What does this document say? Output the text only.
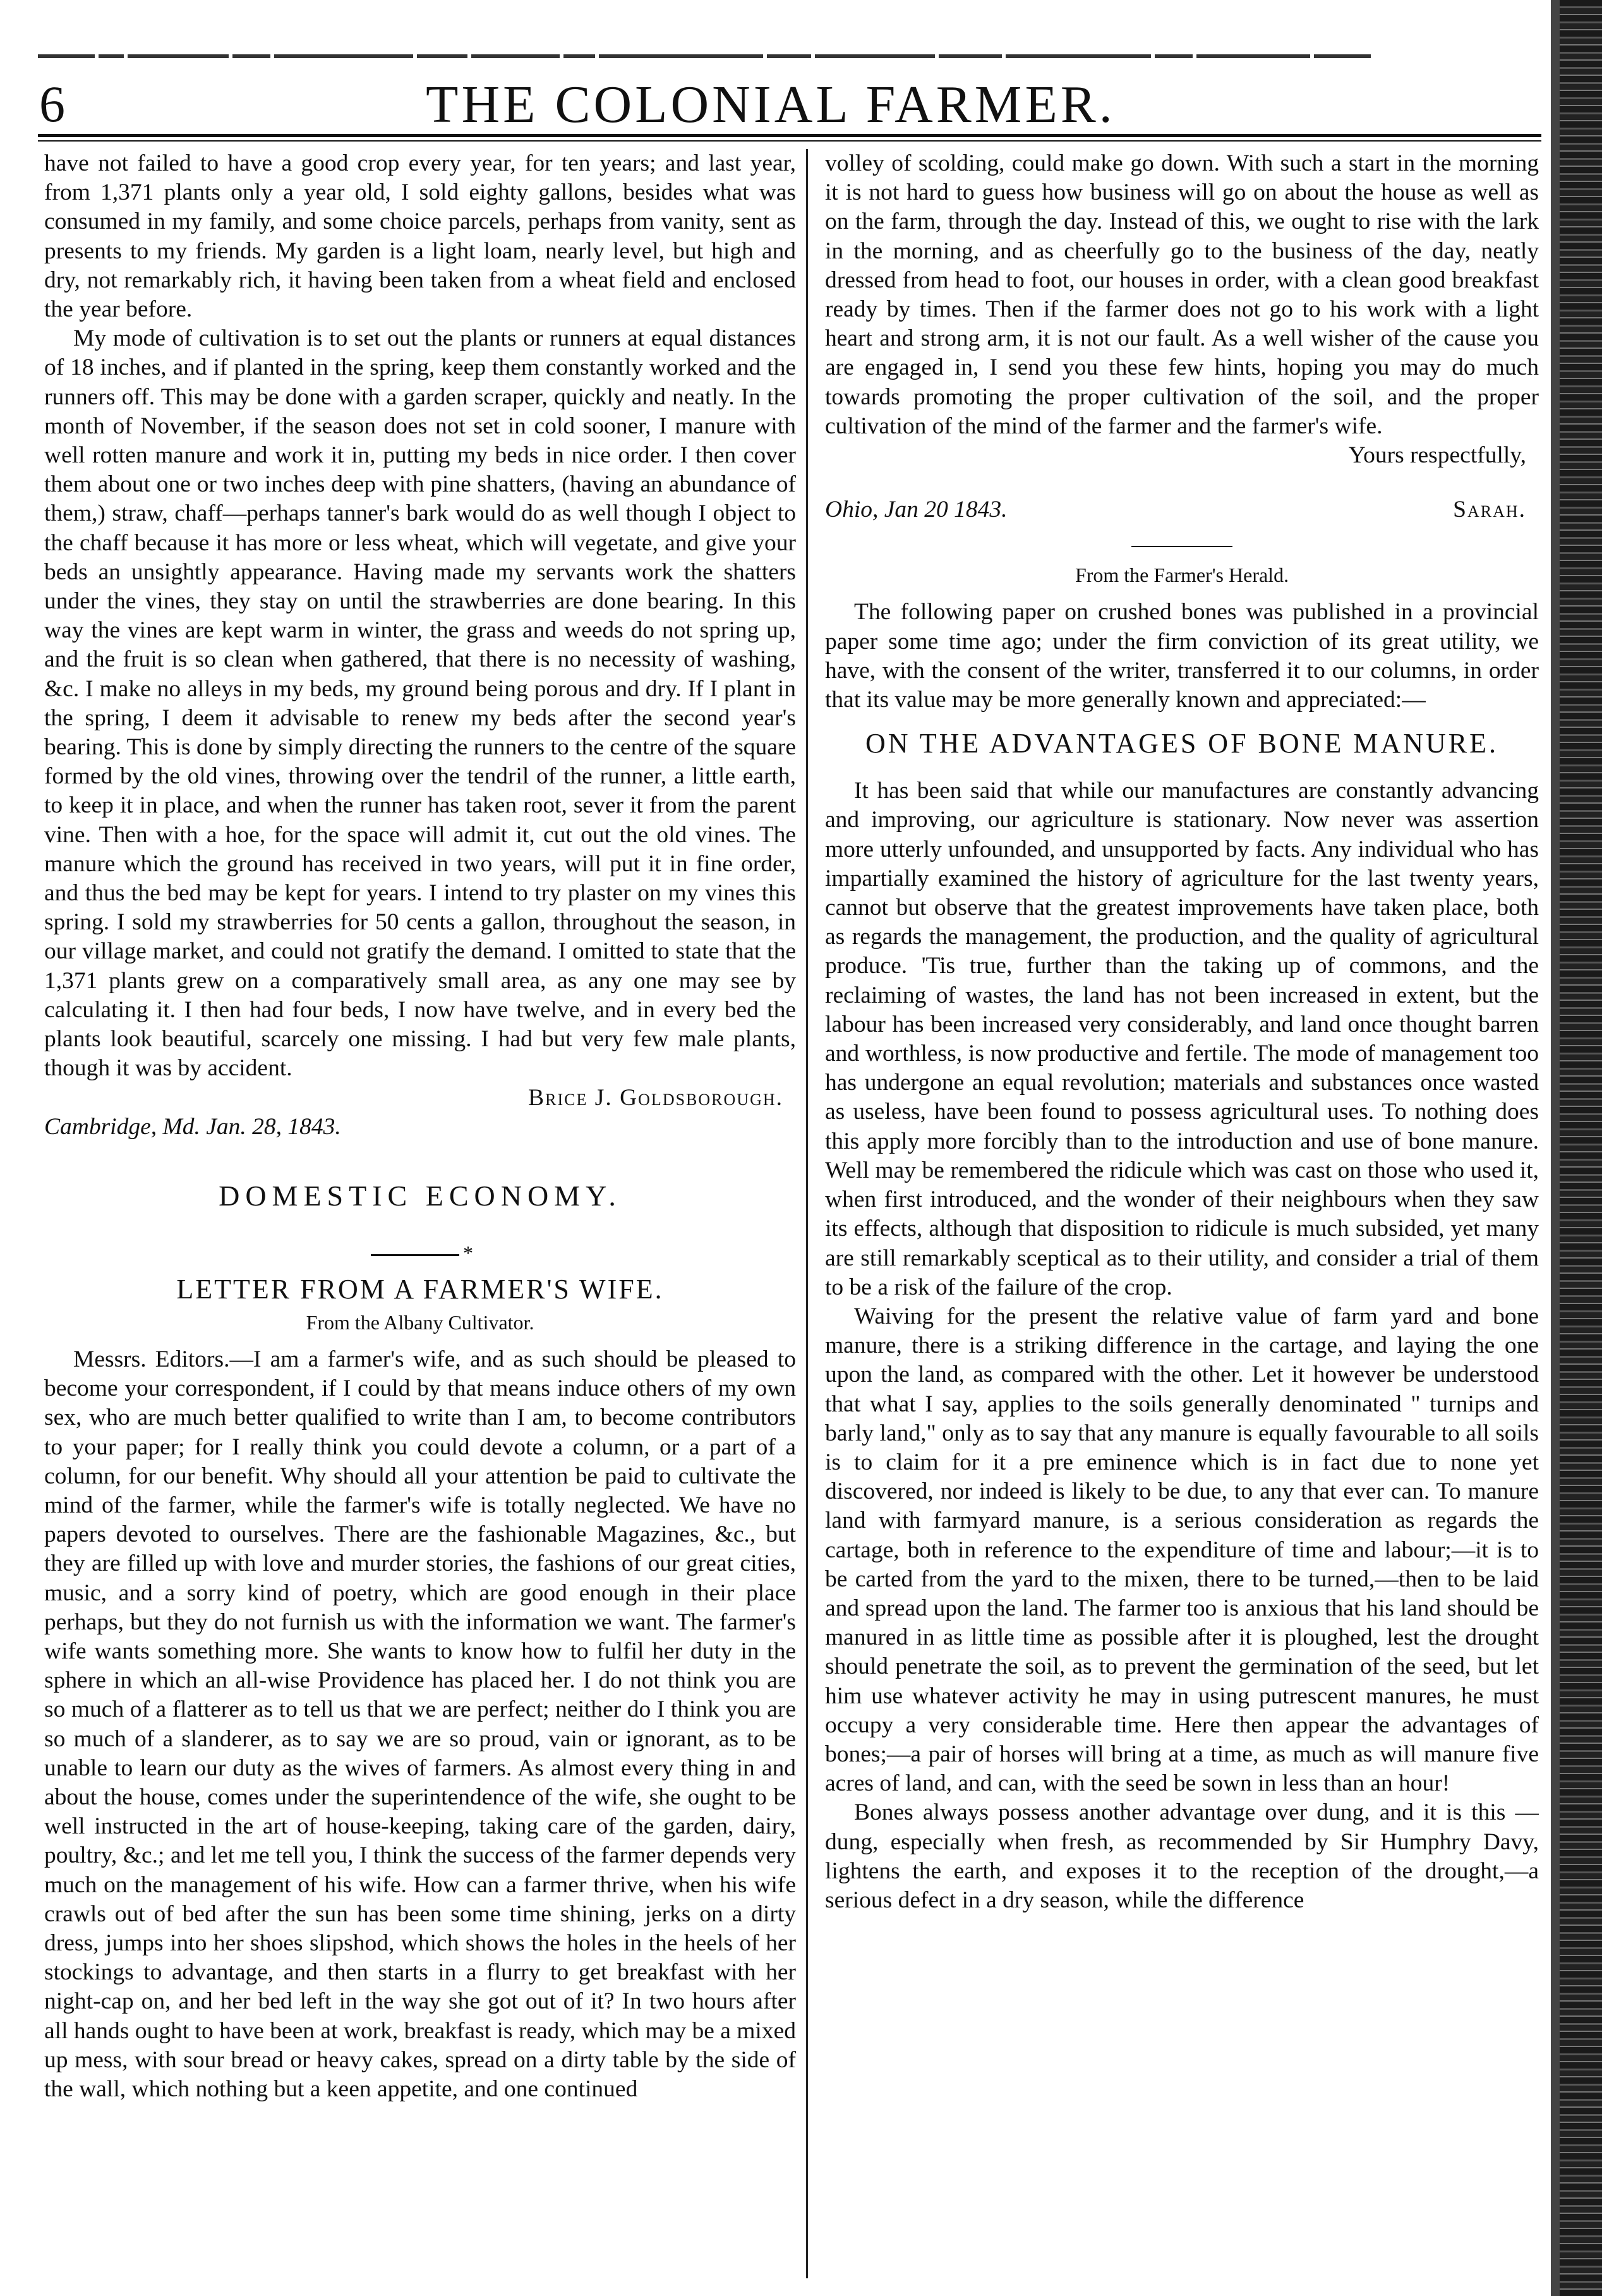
6	THE COLONIAL FARMER.

have not failed to have a good crop every year, for ten years; and last year, from 1,371 plants only a year old, I sold eighty gallons, besides what was consumed in my family, and some choice parcels, perhaps from vanity, sent as presents to my friends. My garden is a light loam, nearly level, but high and dry, not remarkably rich, it having been taken from a wheat field and enclosed the year before.

My mode of cultivation is to set out the plants or runners at equal distances of 18 inches, and if planted in the spring, keep them constantly worked and the runners off. This may be done with a garden scraper, quickly and neatly. In the month of November, if the season does not set in cold sooner, I manure with well rotten manure and work it in, putting my beds in nice order. I then cover them about one or two inches deep with pine shatters, (having an abundance of them,) straw, chaff—perhaps tanner's bark would do as well though I object to the chaff because it has more or less wheat, which will vegetate, and give your beds an unsightly appearance. Having made my servants work the shatters under the vines, they stay on until the strawberries are done bearing. In this way the vines are kept warm in winter, the grass and weeds do not spring up, and the fruit is so clean when gathered, that there is no necessity of washing, &c. I make no alleys in my beds, my ground being porous and dry. If I plant in the spring, I deem it advisable to renew my beds after the second year's bearing. This is done by simply directing the runners to the centre of the square formed by the old vines, throwing over the tendril of the runner, a little earth, to keep it in place, and when the runner has taken root, sever it from the parent vine. Then with a hoe, for the space will admit it, cut out the old vines. The manure which the ground has received in two years, will put it in fine order, and thus the bed may be kept for years. I intend to try plaster on my vines this spring. I sold my strawberries for 50 cents a gallon, throughout the season, in our village market, and could not gratify the demand. I omitted to state that the 1,371 plants grew on a comparatively small area, as any one may see by calculating it. I then had four beds, I now have twelve, and in every bed the plants look beautiful, scarcely one missing. I had but very few male plants, though it was by accident.

Brice J. Goldsborough.

Cambridge, Md. Jan. 28, 1843.

DOMESTIC ECONOMY.
*
LETTER FROM A FARMER'S WIFE.
From the Albany Cultivator.

Messrs. Editors.—I am a farmer's wife, and as such should be pleased to become your correspondent, if I could by that means induce others of my own sex, who are much better qualified to write than I am, to become contributors to your paper; for I really think you could devote a column, or a part of a column, for our benefit. Why should all your attention be paid to cultivate the mind of the farmer, while the farmer's wife is totally neglected. We have no papers devoted to ourselves. There are the fashionable Magazines, &c., but they are filled up with love and murder stories, the fashions of our great cities, music, and a sorry kind of poetry, which are good enough in their place perhaps, but they do not furnish us with the information we want. The farmer's wife wants something more. She wants to know how to fulfil her duty in the sphere in which an all-wise Providence has placed her. I do not think you are so much of a flatterer as to tell us that we are perfect; neither do I think you are so much of a slanderer, as to say we are so proud, vain or ignorant, as to be unable to learn our duty as the wives of farmers. As almost every thing in and about the house, comes under the superintendence of the wife, she ought to be well instructed in the art of house-keeping, taking care of the garden, dairy, poultry, &c.; and let me tell you, I think the success of the farmer depends very much on the management of his wife. How can a farmer thrive, when his wife crawls out of bed after the sun has been some time shining, jerks on a dirty dress, jumps into her shoes slipshod, which shows the holes in the heels of her stockings to advantage, and then starts in a flurry to get breakfast with her night-cap on, and her bed left in the way she got out of it? In two hours after all hands ought to have been at work, breakfast is ready, which may be a mixed up mess, with sour bread or heavy cakes, spread on a dirty table by the side of the wall, which nothing but a keen appetite, and one continued

volley of scolding, could make go down. With such a start in the morning it is not hard to guess how business will go on about the house as well as on the farm, through the day. Instead of this, we ought to rise with the lark in the morning, and as cheerfully go to the business of the day, neatly dressed from head to foot, our houses in order, with a clean good breakfast ready by times. Then if the farmer does not go to his work with a light heart and strong arm, it is not our fault. As a well wisher of the cause you are engaged in, I send you these few hints, hoping you may do much towards promoting the proper cultivation of the soil, and the proper cultivation of the mind of the farmer and the farmer's wife.

Yours respectfully,

Ohio, Jan 20 1843.	Sarah.
From the Farmer's Herald.

The following paper on crushed bones was published in a provincial paper some time ago; under the firm conviction of its great utility, we have, with the consent of the writer, transferred it to our columns, in order that its value may be more generally known and appreciated:—

ON THE ADVANTAGES OF BONE MANURE.

It has been said that while our manufactures are constantly advancing and improving, our agriculture is stationary. Now never was assertion more utterly unfounded, and unsupported by facts. Any individual who has impartially examined the history of agriculture for the last twenty years, cannot but observe that the greatest improvements have taken place, both as regards the management, the production, and the quality of agricultural produce. 'Tis true, further than the taking up of commons, and the reclaiming of wastes, the land has not been increased in extent, but the labour has been increased very considerably, and land once thought barren and worthless, is now productive and fertile. The mode of management too has undergone an equal revolution; materials and substances once wasted as useless, have been found to possess agricultural uses. To nothing does this apply more forcibly than to the introduction and use of bone manure. Well may be remembered the ridicule which was cast on those who used it, when first introduced, and the wonder of their neighbours when they saw its effects, although that disposition to ridicule is much subsided, yet many are still remarkably sceptical as to their utility, and consider a trial of them to be a risk of the failure of the crop.

Waiving for the present the relative value of farm yard and bone manure, there is a striking difference in the cartage, and laying the one upon the land, as compared with the other. Let it however be understood that what I say, applies to the soils generally denominated " turnips and barly land," only as to say that any manure is equally favourable to all soils is to claim for it a pre eminence which is in fact due to none yet discovered, nor indeed is likely to be due, to any that ever can. To manure land with farmyard manure, is a serious consideration as regards the cartage, both in reference to the expenditure of time and labour;—it is to be carted from the yard to the mixen, there to be turned,—then to be laid and spread upon the land. The farmer too is anxious that his land should be manured in as little time as possible after it is ploughed, lest the drought should penetrate the soil, as to prevent the germination of the seed, but let him use whatever activity he may in using putrescent manures, he must occupy a very considerable time. Here then appear the advantages of bones;—a pair of horses will bring at a time, as much as will manure five acres of land, and can, with the seed be sown in less than an hour!

Bones always possess another advantage over dung, and it is this —dung, especially when fresh, as recommended by Sir Humphry Davy, lightens the earth, and exposes it to the reception of the drought,—a serious defect in a dry season, while the difference
